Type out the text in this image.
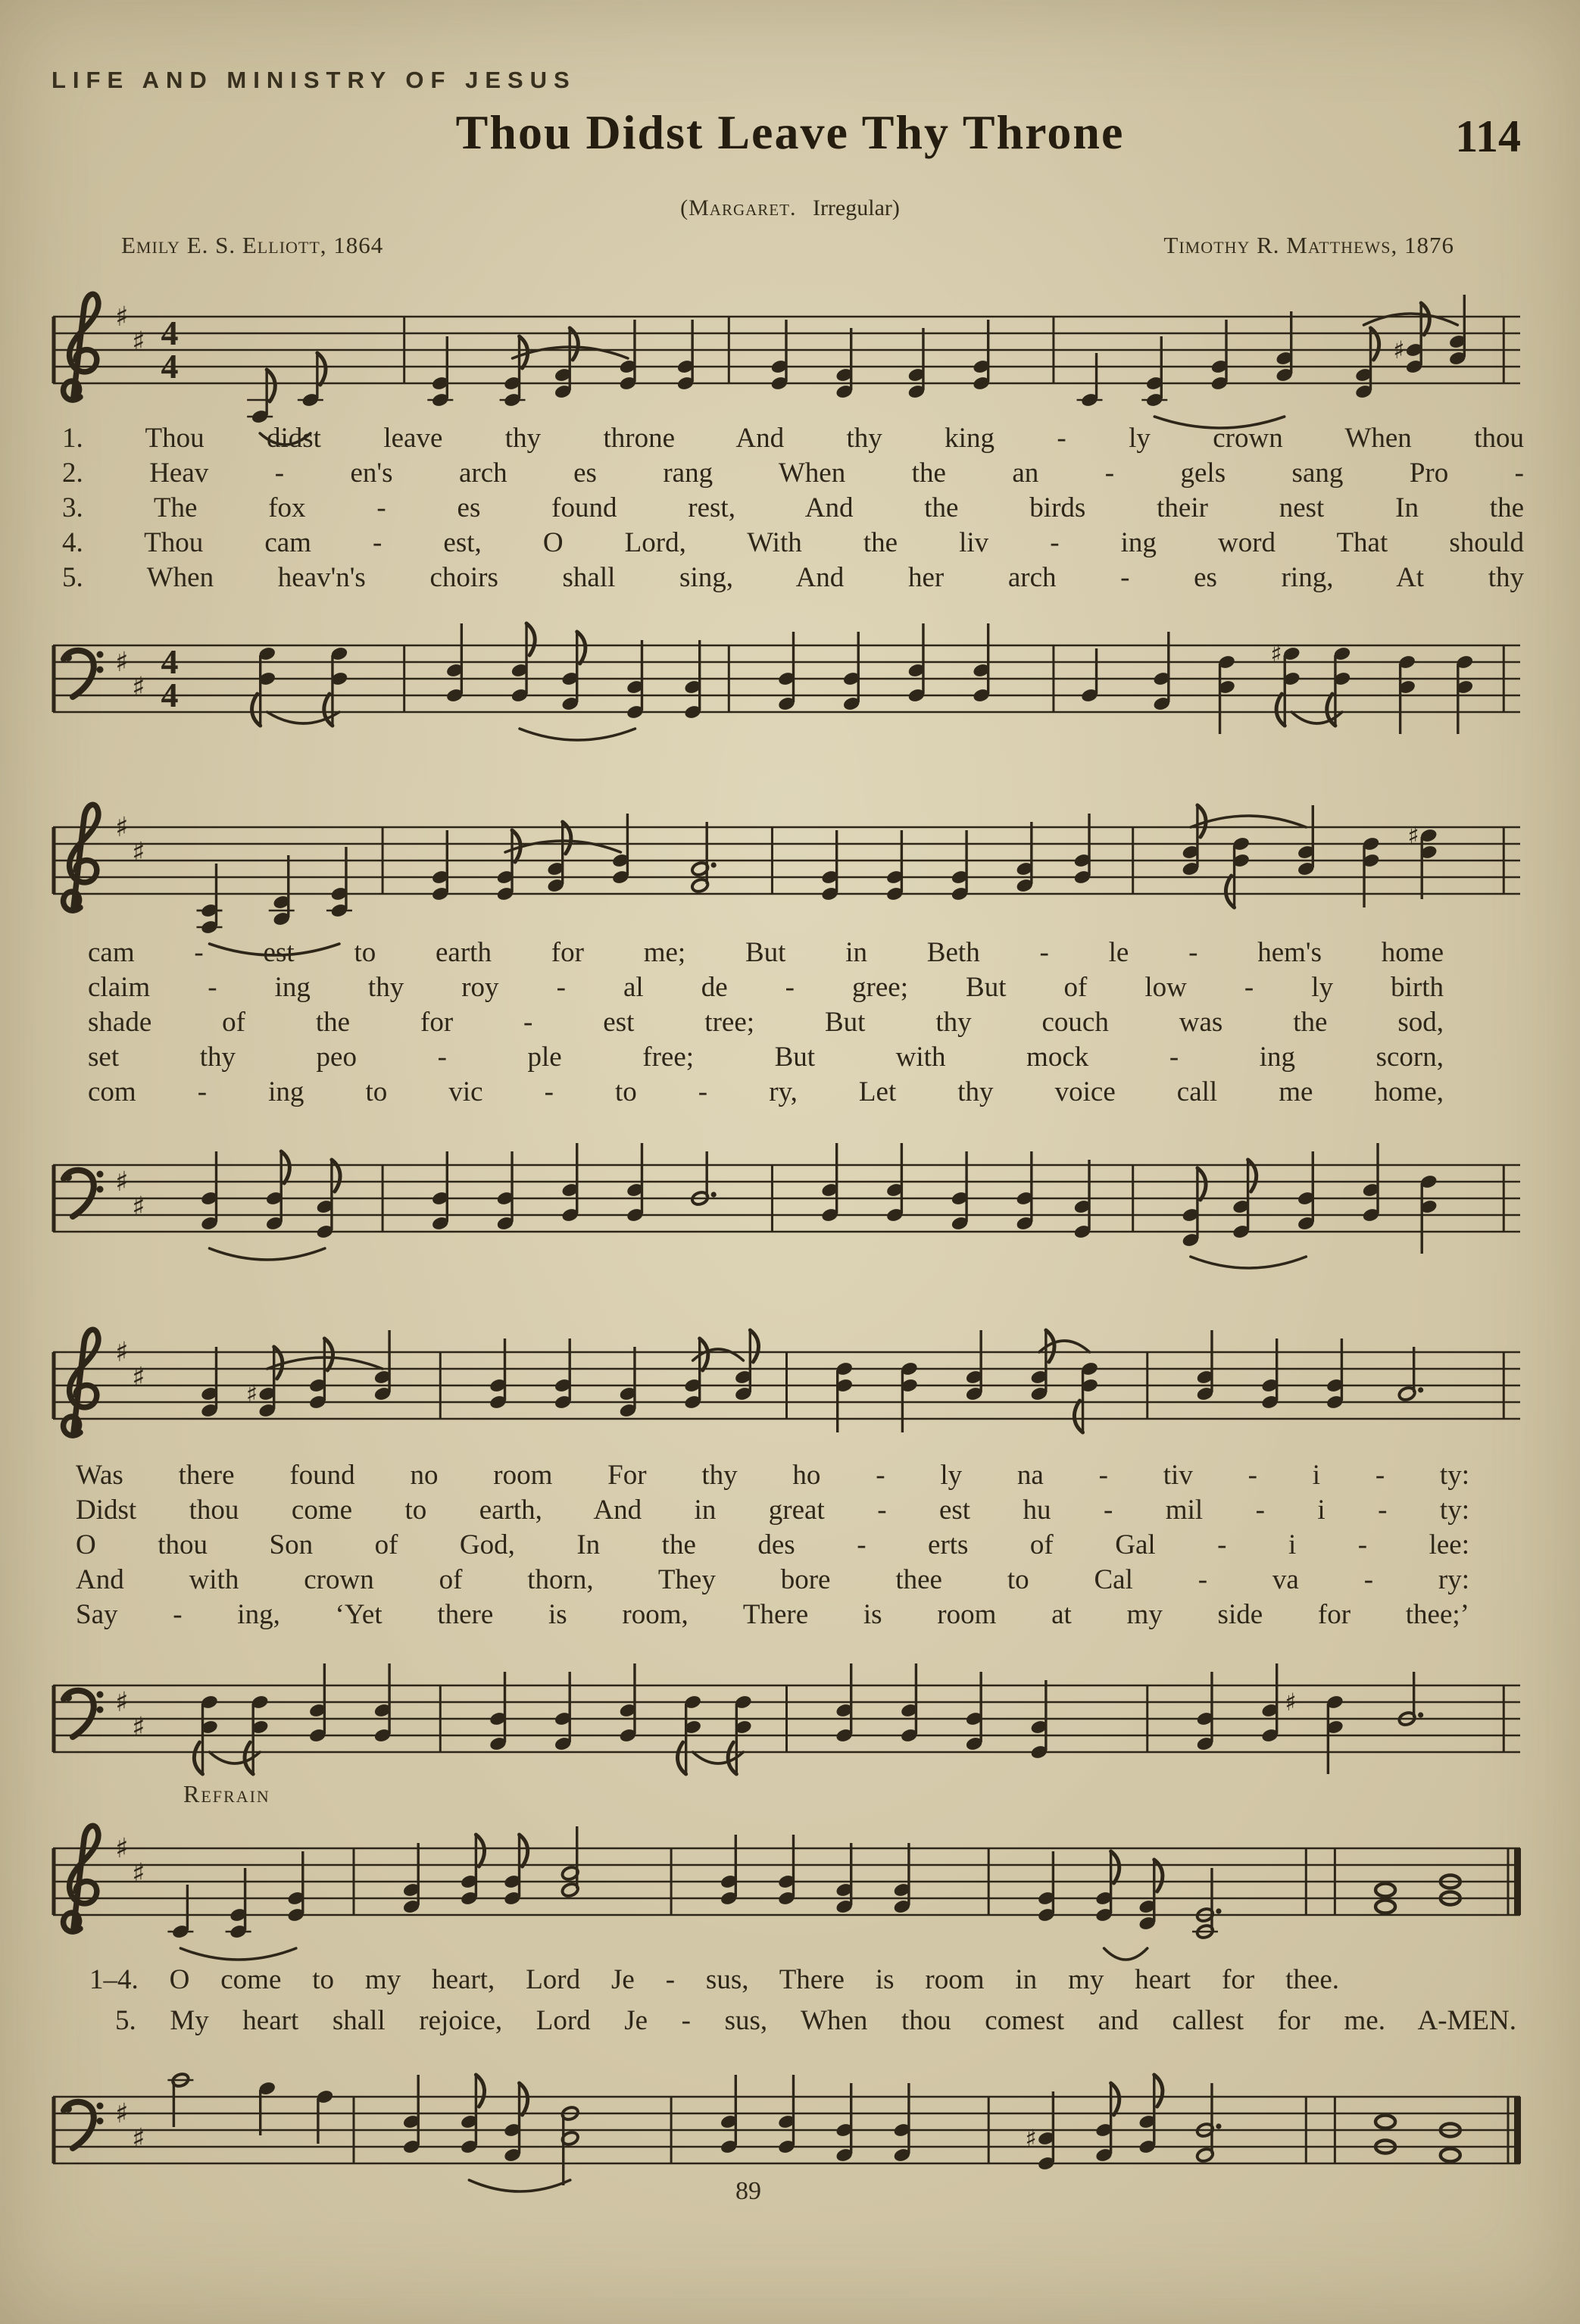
LIFE AND MINISTRY OF JESUS
Thou Didst Leave Thy Throne	114
(Margaret. Irregular)
Emily E. S. Elliott, 1864	Timothy R. Matthews, 1876
♯
♯ 4
4	♯
1. Thou didst leave thy throne And thy king - ly crown When thou
2. Heav - en's arch es rang When the an - gels sang Pro -
3. The fox - es found rest, And the birds their nest In the
4. Thou cam - est, O Lord, With the liv - ing word That should
5. When heav'n's choirs shall sing, And her arch - es ring, At thy
♯
♯
4
4
♯
♯
♯
♯
cam - est to earth for me; But in Beth - le - hem's home
claim - ing thy roy - al de - gree; But of low - ly birth
shade of the for - est tree; But thy couch was the sod,
set thy peo - ple free; But with mock - ing scorn,
com - ing to vic - to - ry, Let thy voice call me home,
♯
♯
♯
♯
♯
Was there found no room For thy ho - ly na - tiv - i - ty:
Didst thou come to earth, And in great - est hu - mil - i - ty:
O thou Son of God, In the des - erts of Gal - i - lee:
And with crown of thorn, They bore thee to Cal - va - ry:
Say - ing, ‘Yet there is room, There is room at my side for thee;’
♯
♯
♯
Refrain
♯
♯
1–4. O come to my heart, Lord Je - sus, There is room in my heart for thee.
5. My heart shall rejoice, Lord Je - sus, When thou comest and callest for me. A-MEN.
♯
♯	♯
89
